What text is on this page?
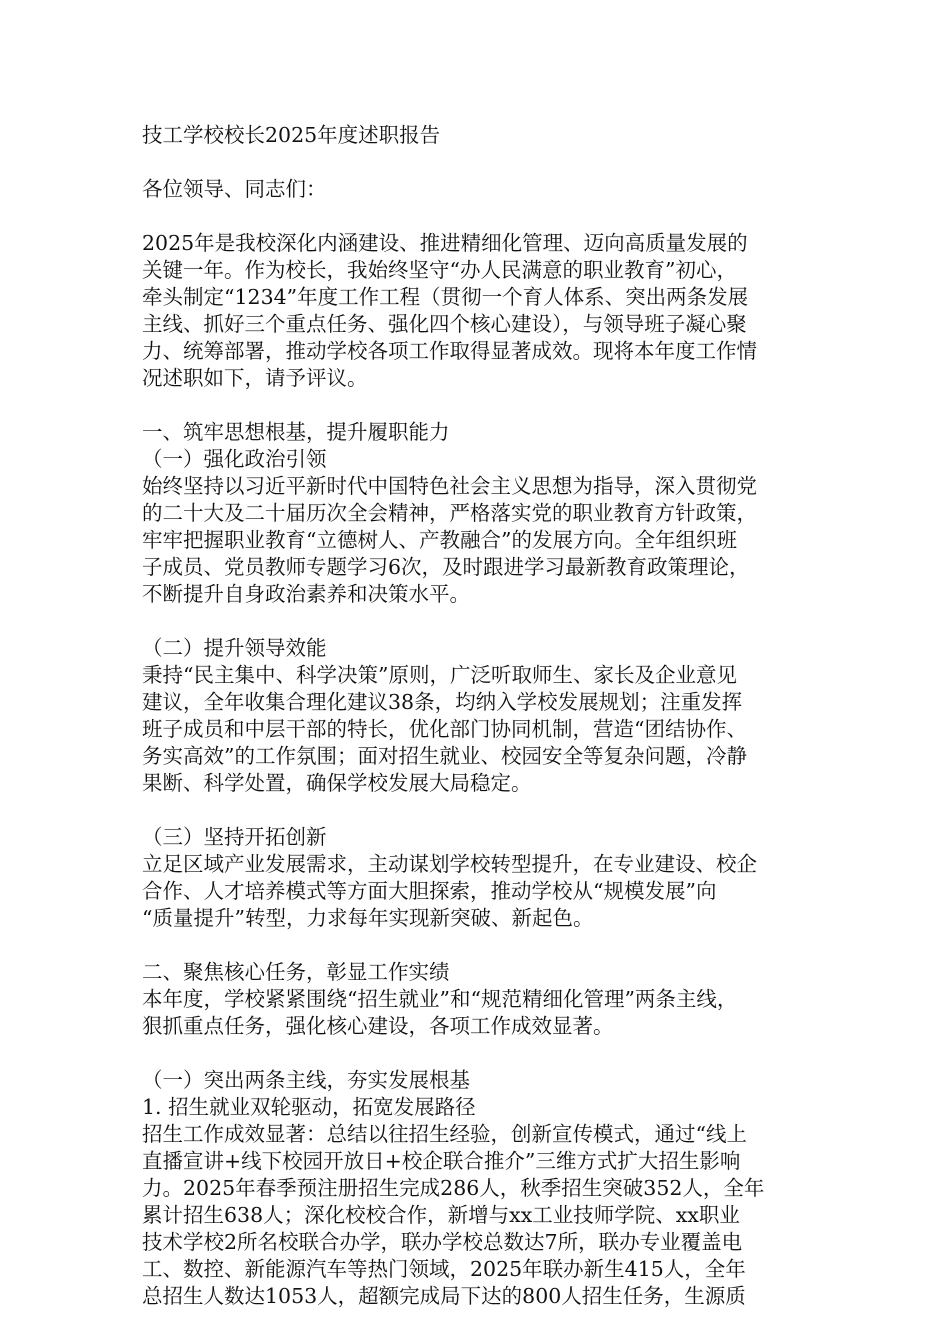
技工学校校长2025年度述职报告
各位领导、同志们：
2025年是我校深化内涵建设、推进精细化管理、迈向高质量发展的
关键一年。作为校长，我始终坚守“办人民满意的职业教育”初心，
牵头制定“1234”年度工作工程（贯彻一个育人体系、突出两条发展
主线、抓好三个重点任务、强化四个核心建设），与领导班子凝心聚
力、统筹部署，推动学校各项工作取得显著成效。现将本年度工作情
况述职如下，请予评议。
一、筑牢思想根基，提升履职能力
（一）强化政治引领
始终坚持以习近平新时代中国特色社会主义思想为指导，深入贯彻党
的二十大及二十届历次全会精神，严格落实党的职业教育方针政策，
牢牢把握职业教育“立德树人、产教融合”的发展方向。全年组织班
子成员、党员教师专题学习6次，及时跟进学习最新教育政策理论，
不断提升自身政治素养和决策水平。
（二）提升领导效能
秉持“民主集中、科学决策”原则，广泛听取师生、家长及企业意见
建议，全年收集合理化建议38条，均纳入学校发展规划；注重发挥
班子成员和中层干部的特长，优化部门协同机制，营造“团结协作、
务实高效”的工作氛围；面对招生就业、校园安全等复杂问题，冷静
果断、科学处置，确保学校发展大局稳定。
（三）坚持开拓创新
立足区域产业发展需求，主动谋划学校转型提升，在专业建设、校企
合作、人才培养模式等方面大胆探索，推动学校从“规模发展”向
“质量提升”转型，力求每年实现新突破、新起色。
二、聚焦核心任务，彰显工作实绩
本年度，学校紧紧围绕“招生就业”和“规范精细化管理”两条主线，
狠抓重点任务，强化核心建设，各项工作成效显著。
（一）突出两条主线，夯实发展根基
1. 招生就业双轮驱动，拓宽发展路径
招生工作成效显著：总结以往招生经验，创新宣传模式，通过“线上
直播宣讲+线下校园开放日+校企联合推介”三维方式扩大招生影响
力。2025年春季预注册招生完成286人，秋季招生突破352人，全年
累计招生638人；深化校校合作，新增与xx工业技师学院、xx职业
技术学校2所名校联合办学，联办学校总数达7所，联办专业覆盖电
工、数控、新能源汽车等热门领域，2025年联办新生415人，全年
总招生人数达1053人，超额完成局下达的800人招生任务，生源质
